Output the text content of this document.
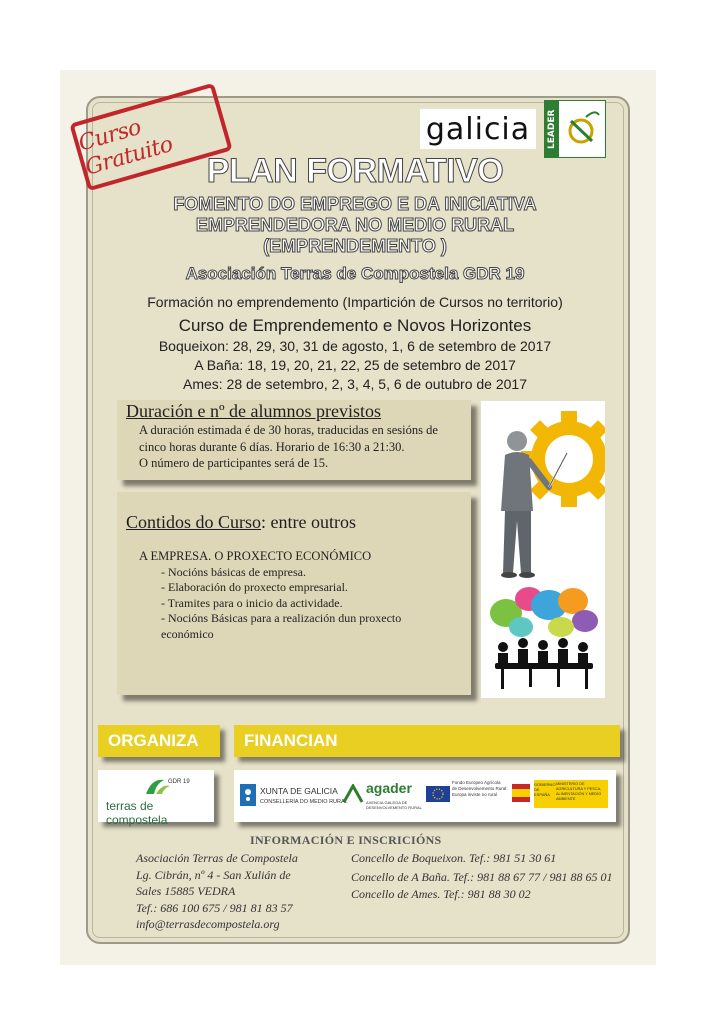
Curso Gratuito
galicia LEADER
PLAN FORMATIVO
FOMENTO DO EMPREGO E DA INICIATIVA
EMPRENDEDORA NO MEDIO RURAL
(EMPRENDEMENTO )
Asociación Terras de Compostela GDR 19
Formación no emprendemento (Impartición de Cursos no territorio)
Curso de Emprendemento e Novos Horizontes
Boqueixon: 28, 29, 30, 31 de agosto, 1, 6 de setembro de 2017
A Baña: 18, 19, 20, 21, 22, 25 de setembro de 2017
Ames: 28 de setembro, 2, 3, 4, 5, 6 de outubro de 2017
Duración e nº de alumnos previstos
A duración estimada é de 30 horas, traducidas en sesións de cinco horas durante 6 días. Horario de 16:30 a 21:30.
O número de participantes será de 15.
Contidos do Curso: entre outros
A EMPRESA. O PROXECTO ECONÓMICO
- Nocións básicas de empresa.
- Elaboración do proxecto empresarial.
- Tramites para o inicio da actividade.
- Nocións Básicas para a realización dun proxecto económico
ORGANIZA	FINANCIAN
GDR 19
terras de compostela
XUNTA DE GALICIA
CONSELLERÍA DO MEDIO RURAL
agader
AXENCIA GALEGA DE DESENVOLVEMENTO RURAL
Fondo Europeo Agrícola
de Desenvolvemento Rural:
Europa inviste no rural
GOBIERNO DE ESPAÑA
MINISTERIO DE AGRICULTURA Y PESCA, ALIMENTACIÓN Y MEDIO AMBIENTE
INFORMACIÓN E INSCRICIÓNS
Asociación Terras de Compostela
Lg. Cibrán, nº 4 - San Xulián de
Sales 15885 VEDRA
Tef.: 686 100 675 / 981 81 83 57
info@terrasdecompostela.org
Concello de Boqueixon. Tef.: 981 51 30 61
Concello de A Baña. Tef.: 981 88 67 77 / 981 88 65 01
Concello de Ames. Tef.: 981 88 30 02
